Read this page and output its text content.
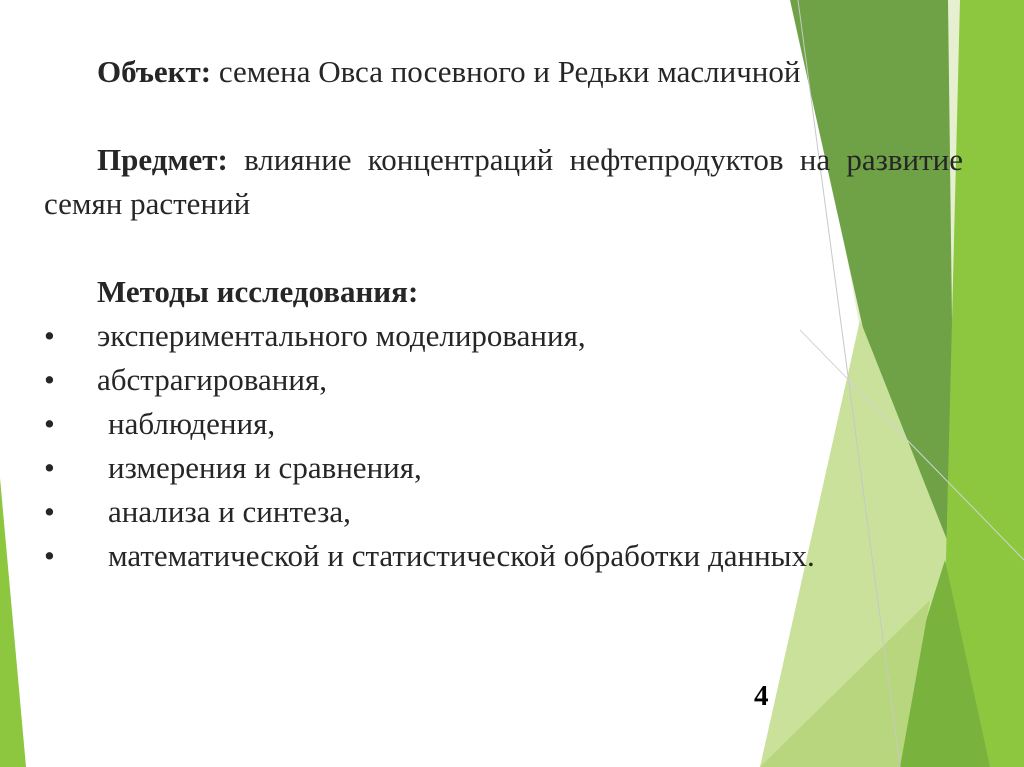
Объект: семена Овса посевного и Редьки масличной

Предмет: влияние концентраций нефтепродуктов на развитие семян растений

Методы исследования:
• экспериментального моделирования,
• абстрагирования,
• наблюдения,
• измерения и сравнения,
• анализа и синтеза,
• математической и статистической обработки данных.
4
